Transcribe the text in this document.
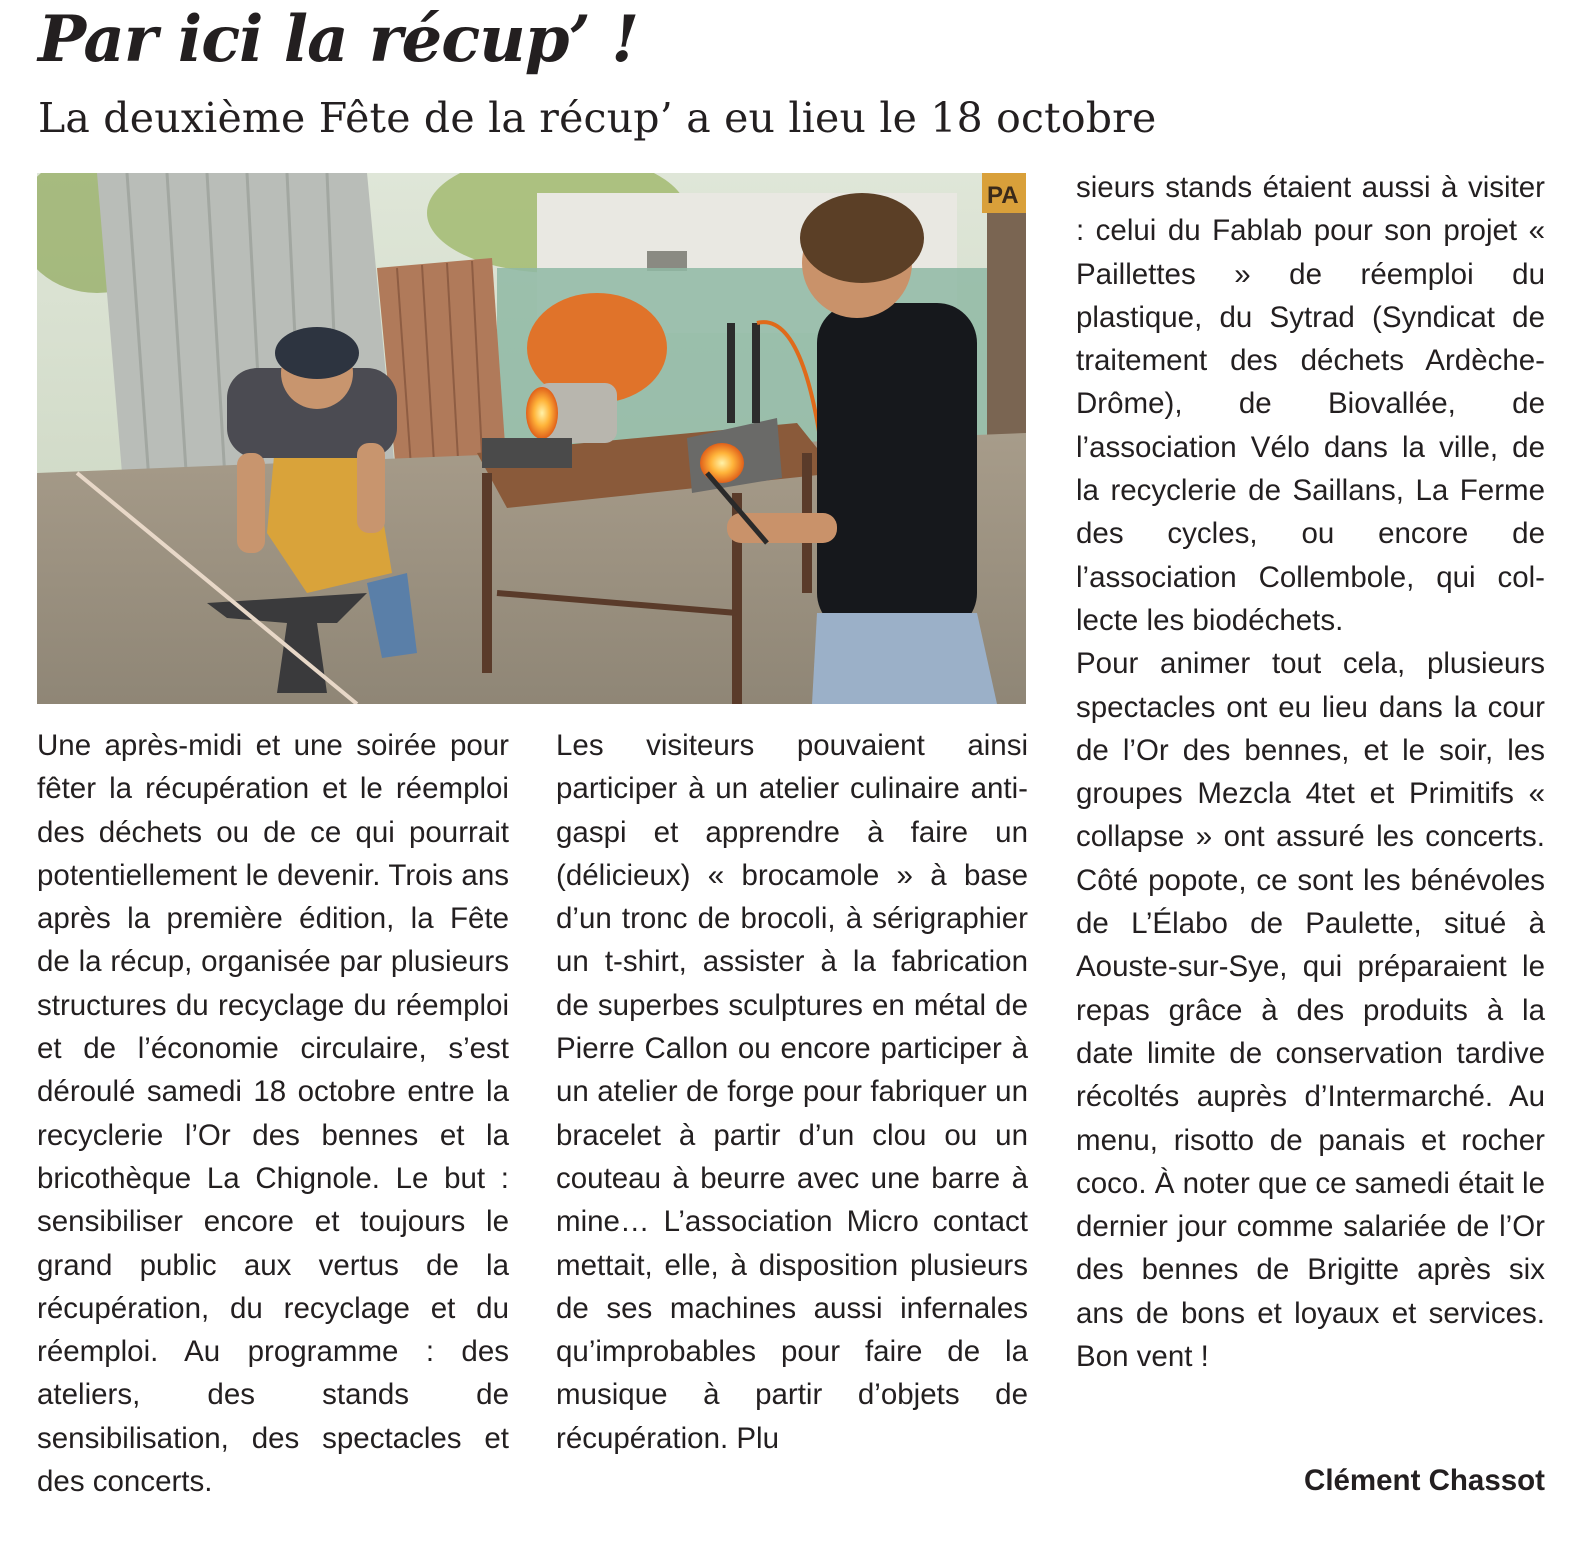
Par ici la récup’ !
La deuxième Fête de la récup’ a eu lieu le 18 octobre
PA

Une après-midi et une soirée pour fêter la récupération et le réemploi des déchets ou de ce qui pourrait potentiellement le devenir. Trois ans après la première édition, la Fête de la récup, organisée par plusieurs structures du recyclage du réemploi et de l’économie circulaire, s’est déroulé samedi 18 octobre entre la recyclerie l’Or des bennes et la bricothèque La Chignole. Le but : sensibiliser encore et toujours le grand public aux vertus de la récupération, du recyclage et du réemploi. Au programme : des ateliers, des stands de sensibilisation, des spectacles et des concerts.

Les visiteurs pouvaient ainsi participer à un atelier culinaire anti-gaspi et apprendre à faire un (délicieux) « brocamole » à base d’un tronc de brocoli, à sérigraphier un t-shirt, assister à la fabrication de superbes sculptures en métal de Pierre Callon ou encore participer à un atelier de forge pour fabriquer un bracelet à partir d’un clou ou un couteau à beurre avec une barre à mine… L’association Micro contact mettait, elle, à disposition plusieurs de ses machines aussi infernales qu’improbables pour faire de la musique à partir d’objets de récupération. Plu

sieurs stands étaient aussi à visiter : celui du Fablab pour son projet « Paillettes » de réemploi du plastique, du Sytrad (Syndicat de traitement des déchets Ardèche-Drôme), de Biovallée, de l’association Vélo dans la ville, de la recyclerie de Saillans, La Ferme des cycles, ou encore de l’association Collembole, qui collecte les biodéchets.

Pour animer tout cela, plusieurs spectacles ont eu lieu dans la cour de l’Or des bennes, et le soir, les groupes Mezcla 4tet et Primitifs « collapse » ont assuré les concerts. Côté popote, ce sont les bénévoles de L’Élabo de Paulette, situé à Aouste-sur-Sye, qui préparaient le repas grâce à des produits à la date limite de conservation tardive récoltés auprès d’Intermarché. Au menu, risotto de panais et rocher coco. À noter que ce samedi était le dernier jour comme salariée de l’Or des bennes de Brigitte après six ans de bons et loyaux et services. Bon vent !

Clément Chassot
